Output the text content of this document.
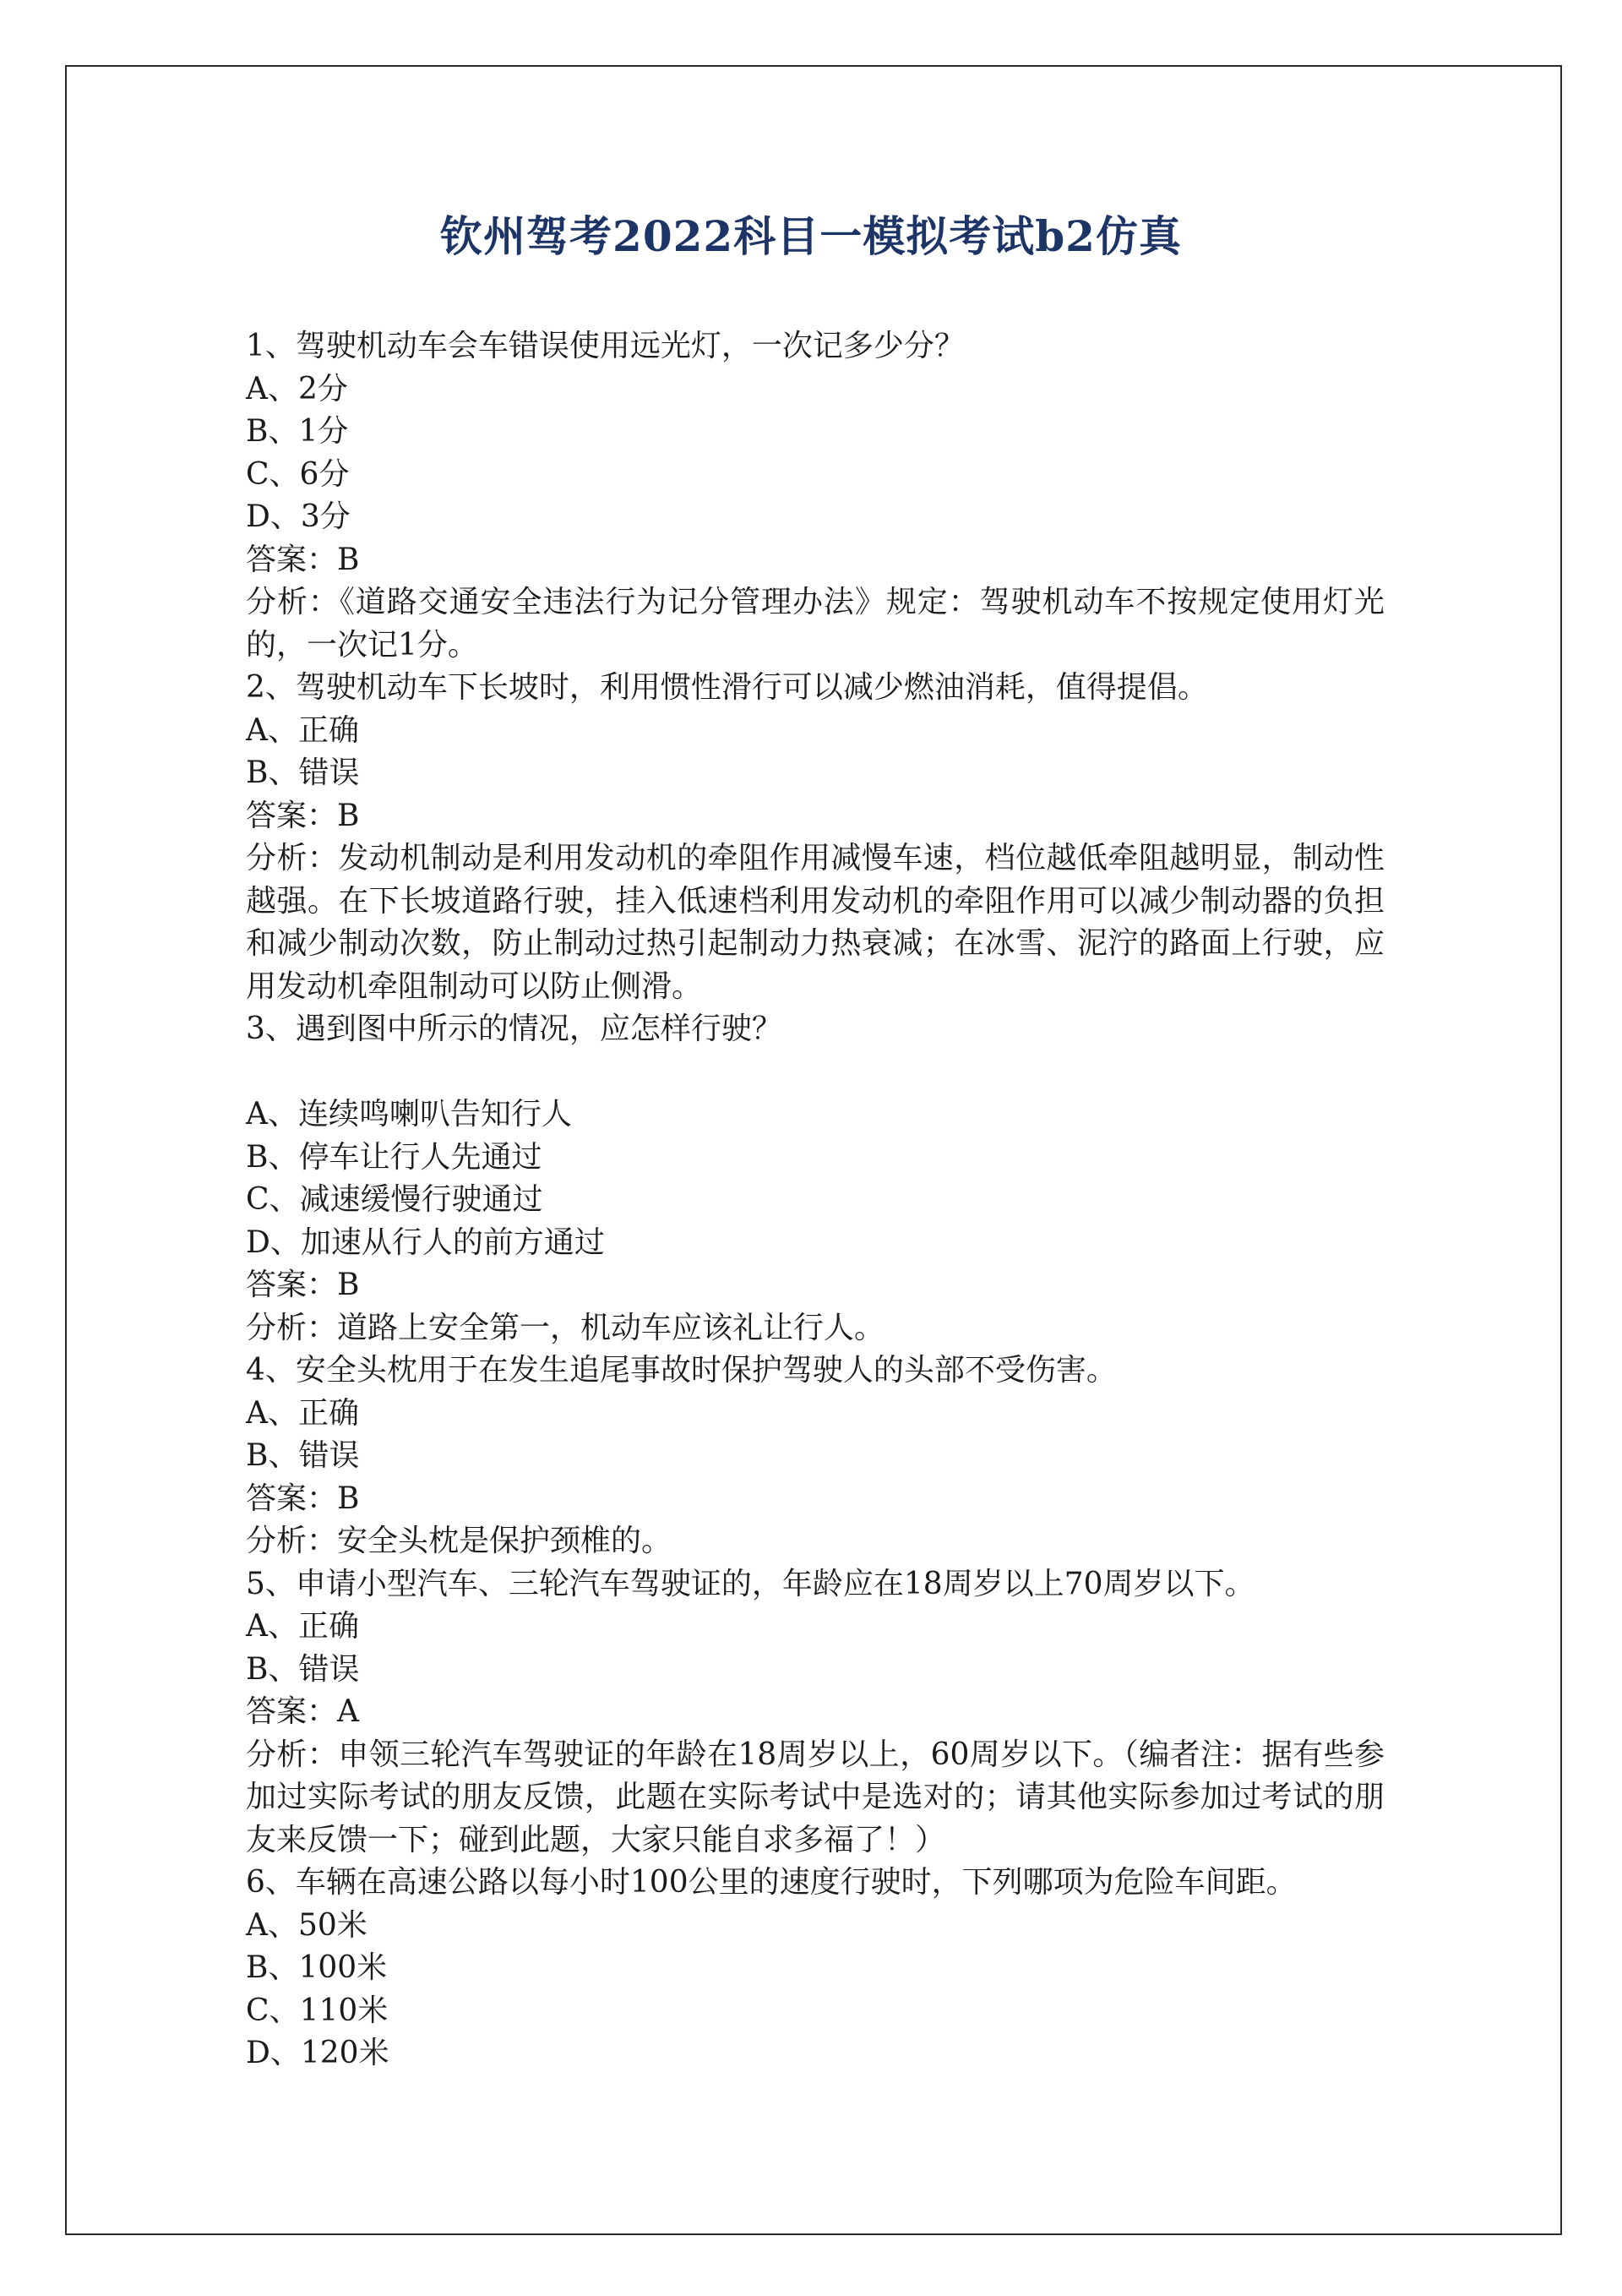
钦州驾考2022科目一模拟考试b2仿真
1、驾驶机动车会车错误使用远光灯，一次记多少分？
A、2分
B、1分
C、6分
D、3分
答案：B
分析：《道路交通安全违法行为记分管理办法》规定：驾驶机动车不按规定使用灯光的，一次记1分。
2、驾驶机动车下长坡时，利用惯性滑行可以减少燃油消耗，值得提倡。
A、正确
B、错误
答案：B
分析：发动机制动是利用发动机的牵阻作用减慢车速，档位越低牵阻越明显，制动性越强。在下长坡道路行驶，挂入低速档利用发动机的牵阻作用可以减少制动器的负担和减少制动次数，防止制动过热引起制动力热衰减；在冰雪、泥泞的路面上行驶，应用发动机牵阻制动可以防止侧滑。
3、遇到图中所示的情况，应怎样行驶？
A、连续鸣喇叭告知行人
B、停车让行人先通过
C、减速缓慢行驶通过
D、加速从行人的前方通过
答案：B
分析：道路上安全第一，机动车应该礼让行人。
4、安全头枕用于在发生追尾事故时保护驾驶人的头部不受伤害。
A、正确
B、错误
答案：B
分析：安全头枕是保护颈椎的。
5、申请小型汽车、三轮汽车驾驶证的，年龄应在18周岁以上70周岁以下。
A、正确
B、错误
答案：A
分析：申领三轮汽车驾驶证的年龄在18周岁以上，60周岁以下。（编者注：据有些参加过实际考试的朋友反馈，此题在实际考试中是选对的；请其他实际参加过考试的朋友来反馈一下；碰到此题，大家只能自求多福了！）
6、车辆在高速公路以每小时100公里的速度行驶时，下列哪项为危险车间距。
A、50米
B、100米
C、110米
D、120米
